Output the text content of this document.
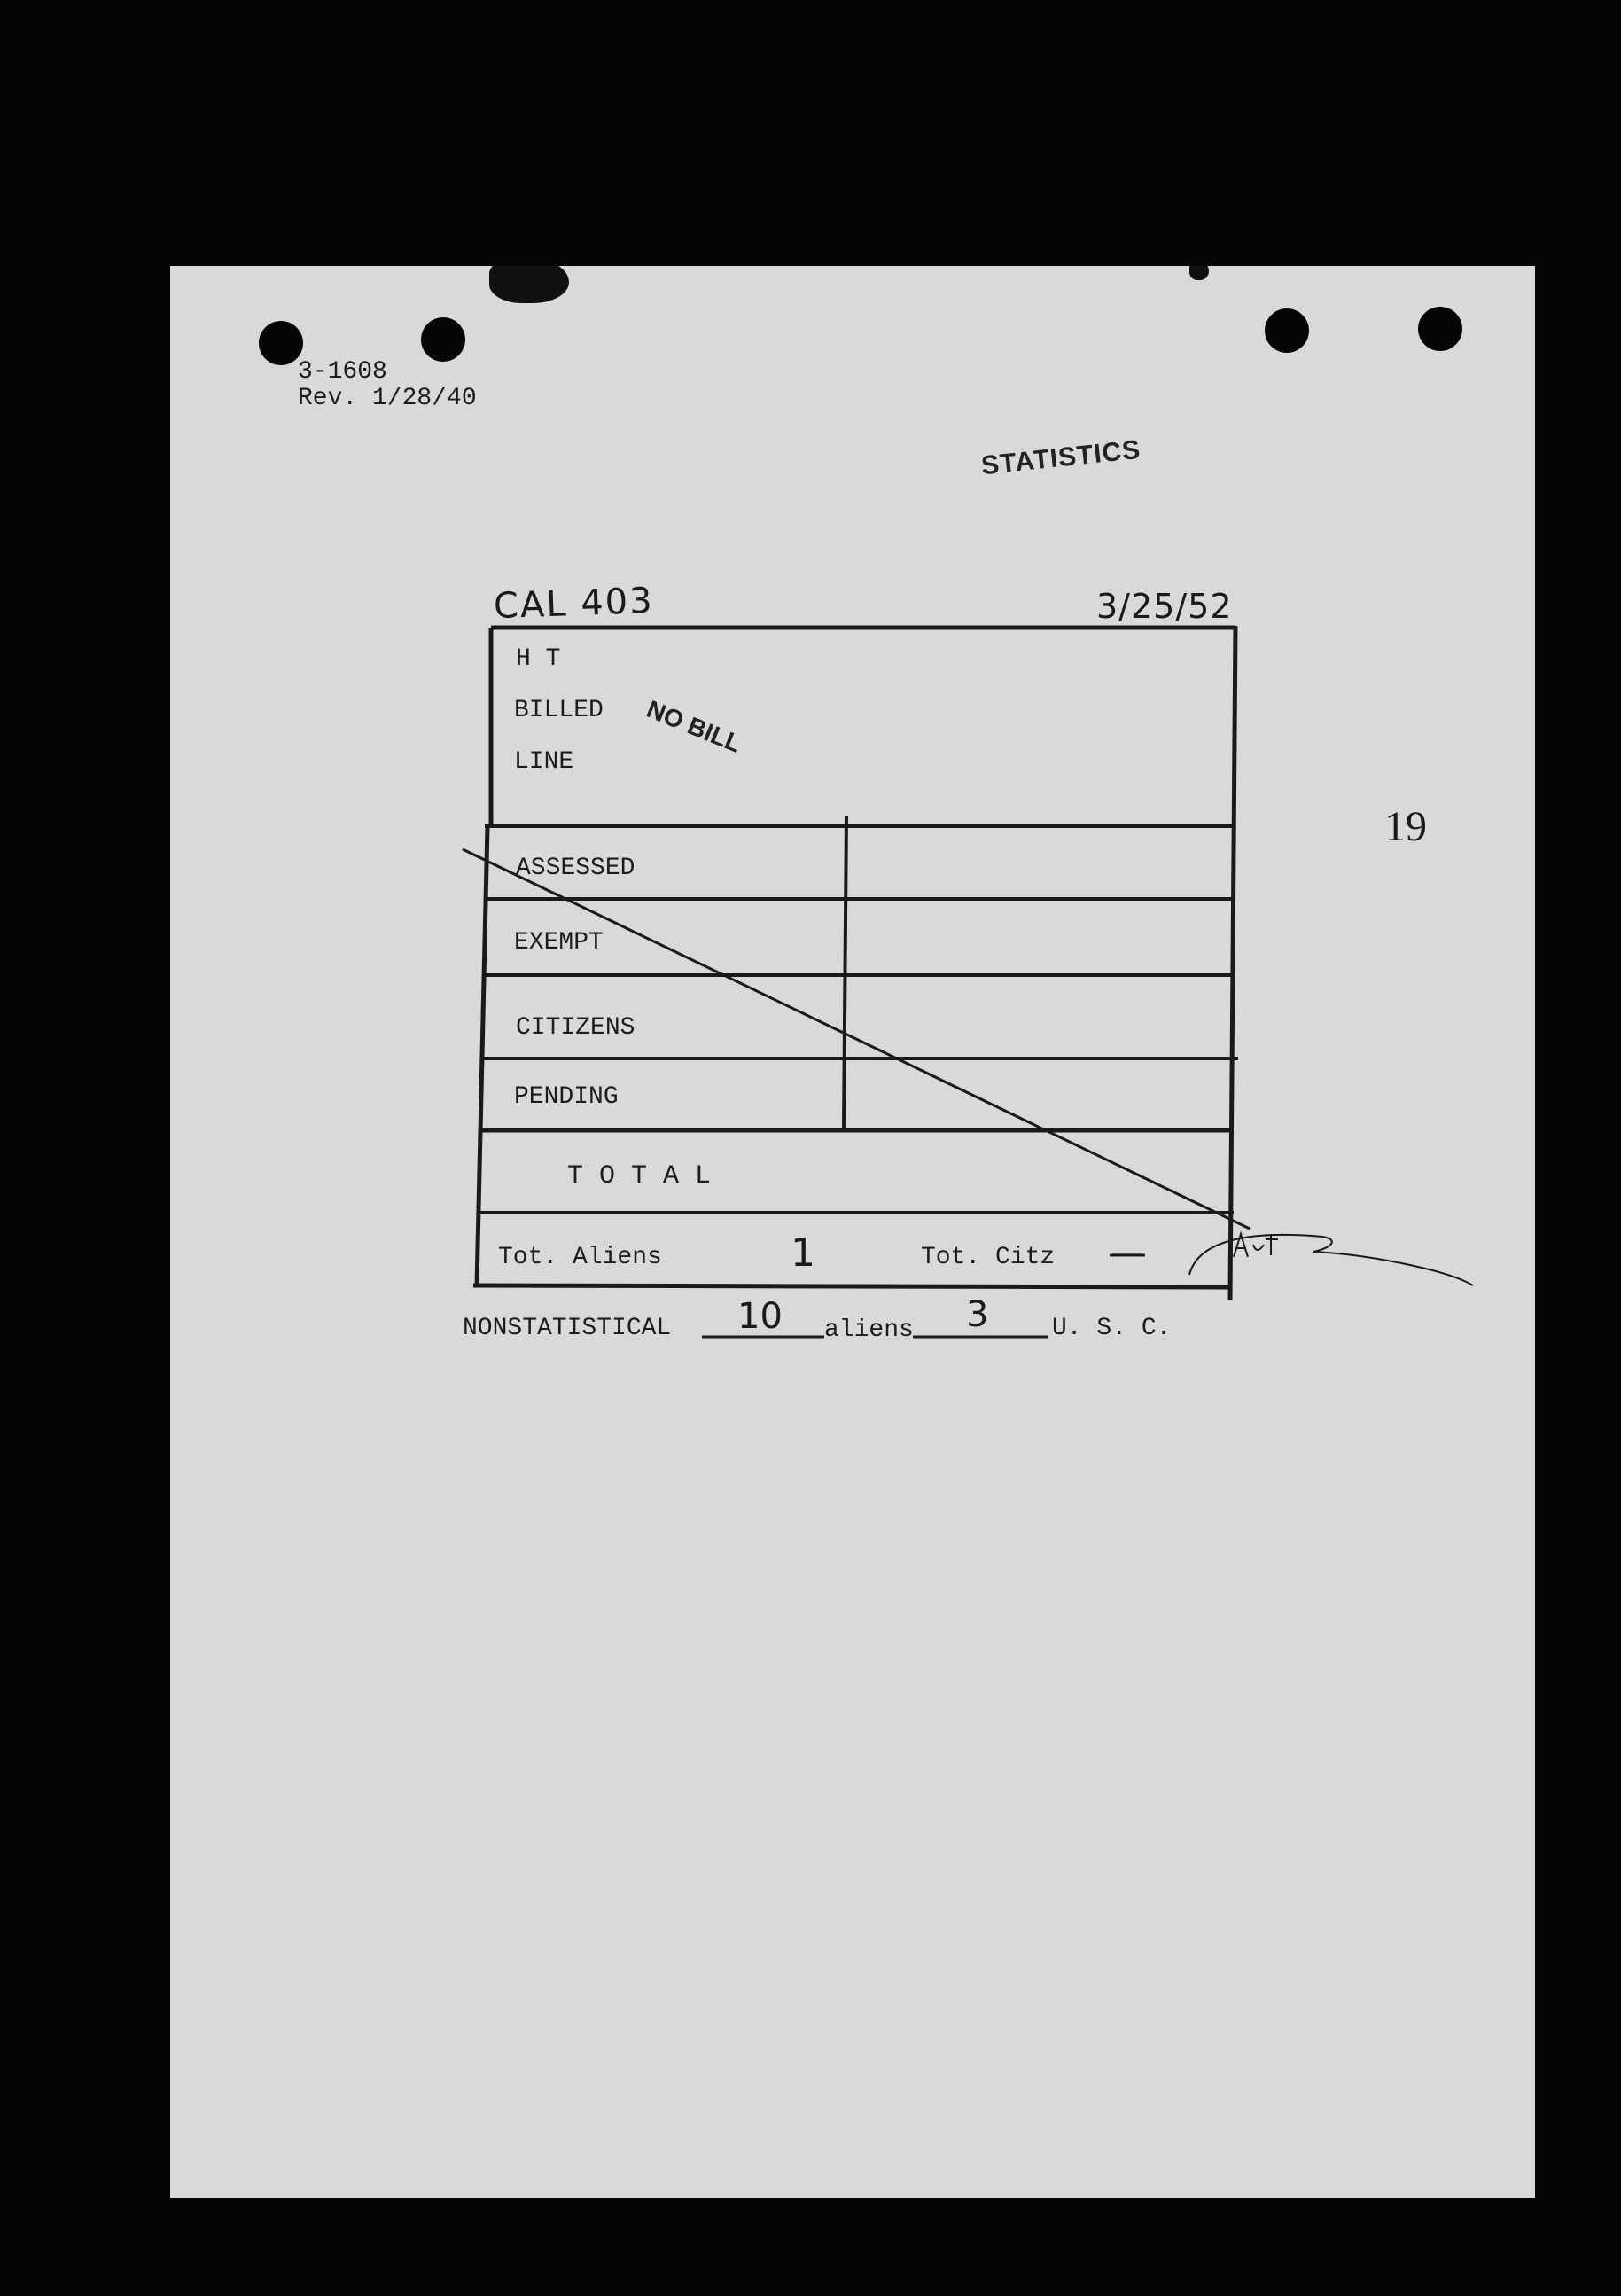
3-1608
Rev. 1/28/40
STATISTICS
CAL 403	3/25/52
19
H T
BILLED
LINE
NO BILL
ASSESSED
EXEMPT
CITIZENS
PENDING
T O T A L
Tot. Aliens	1	Tot. Citz —
NONSTATISTICAL 10 aliens 3	U. S. C.
